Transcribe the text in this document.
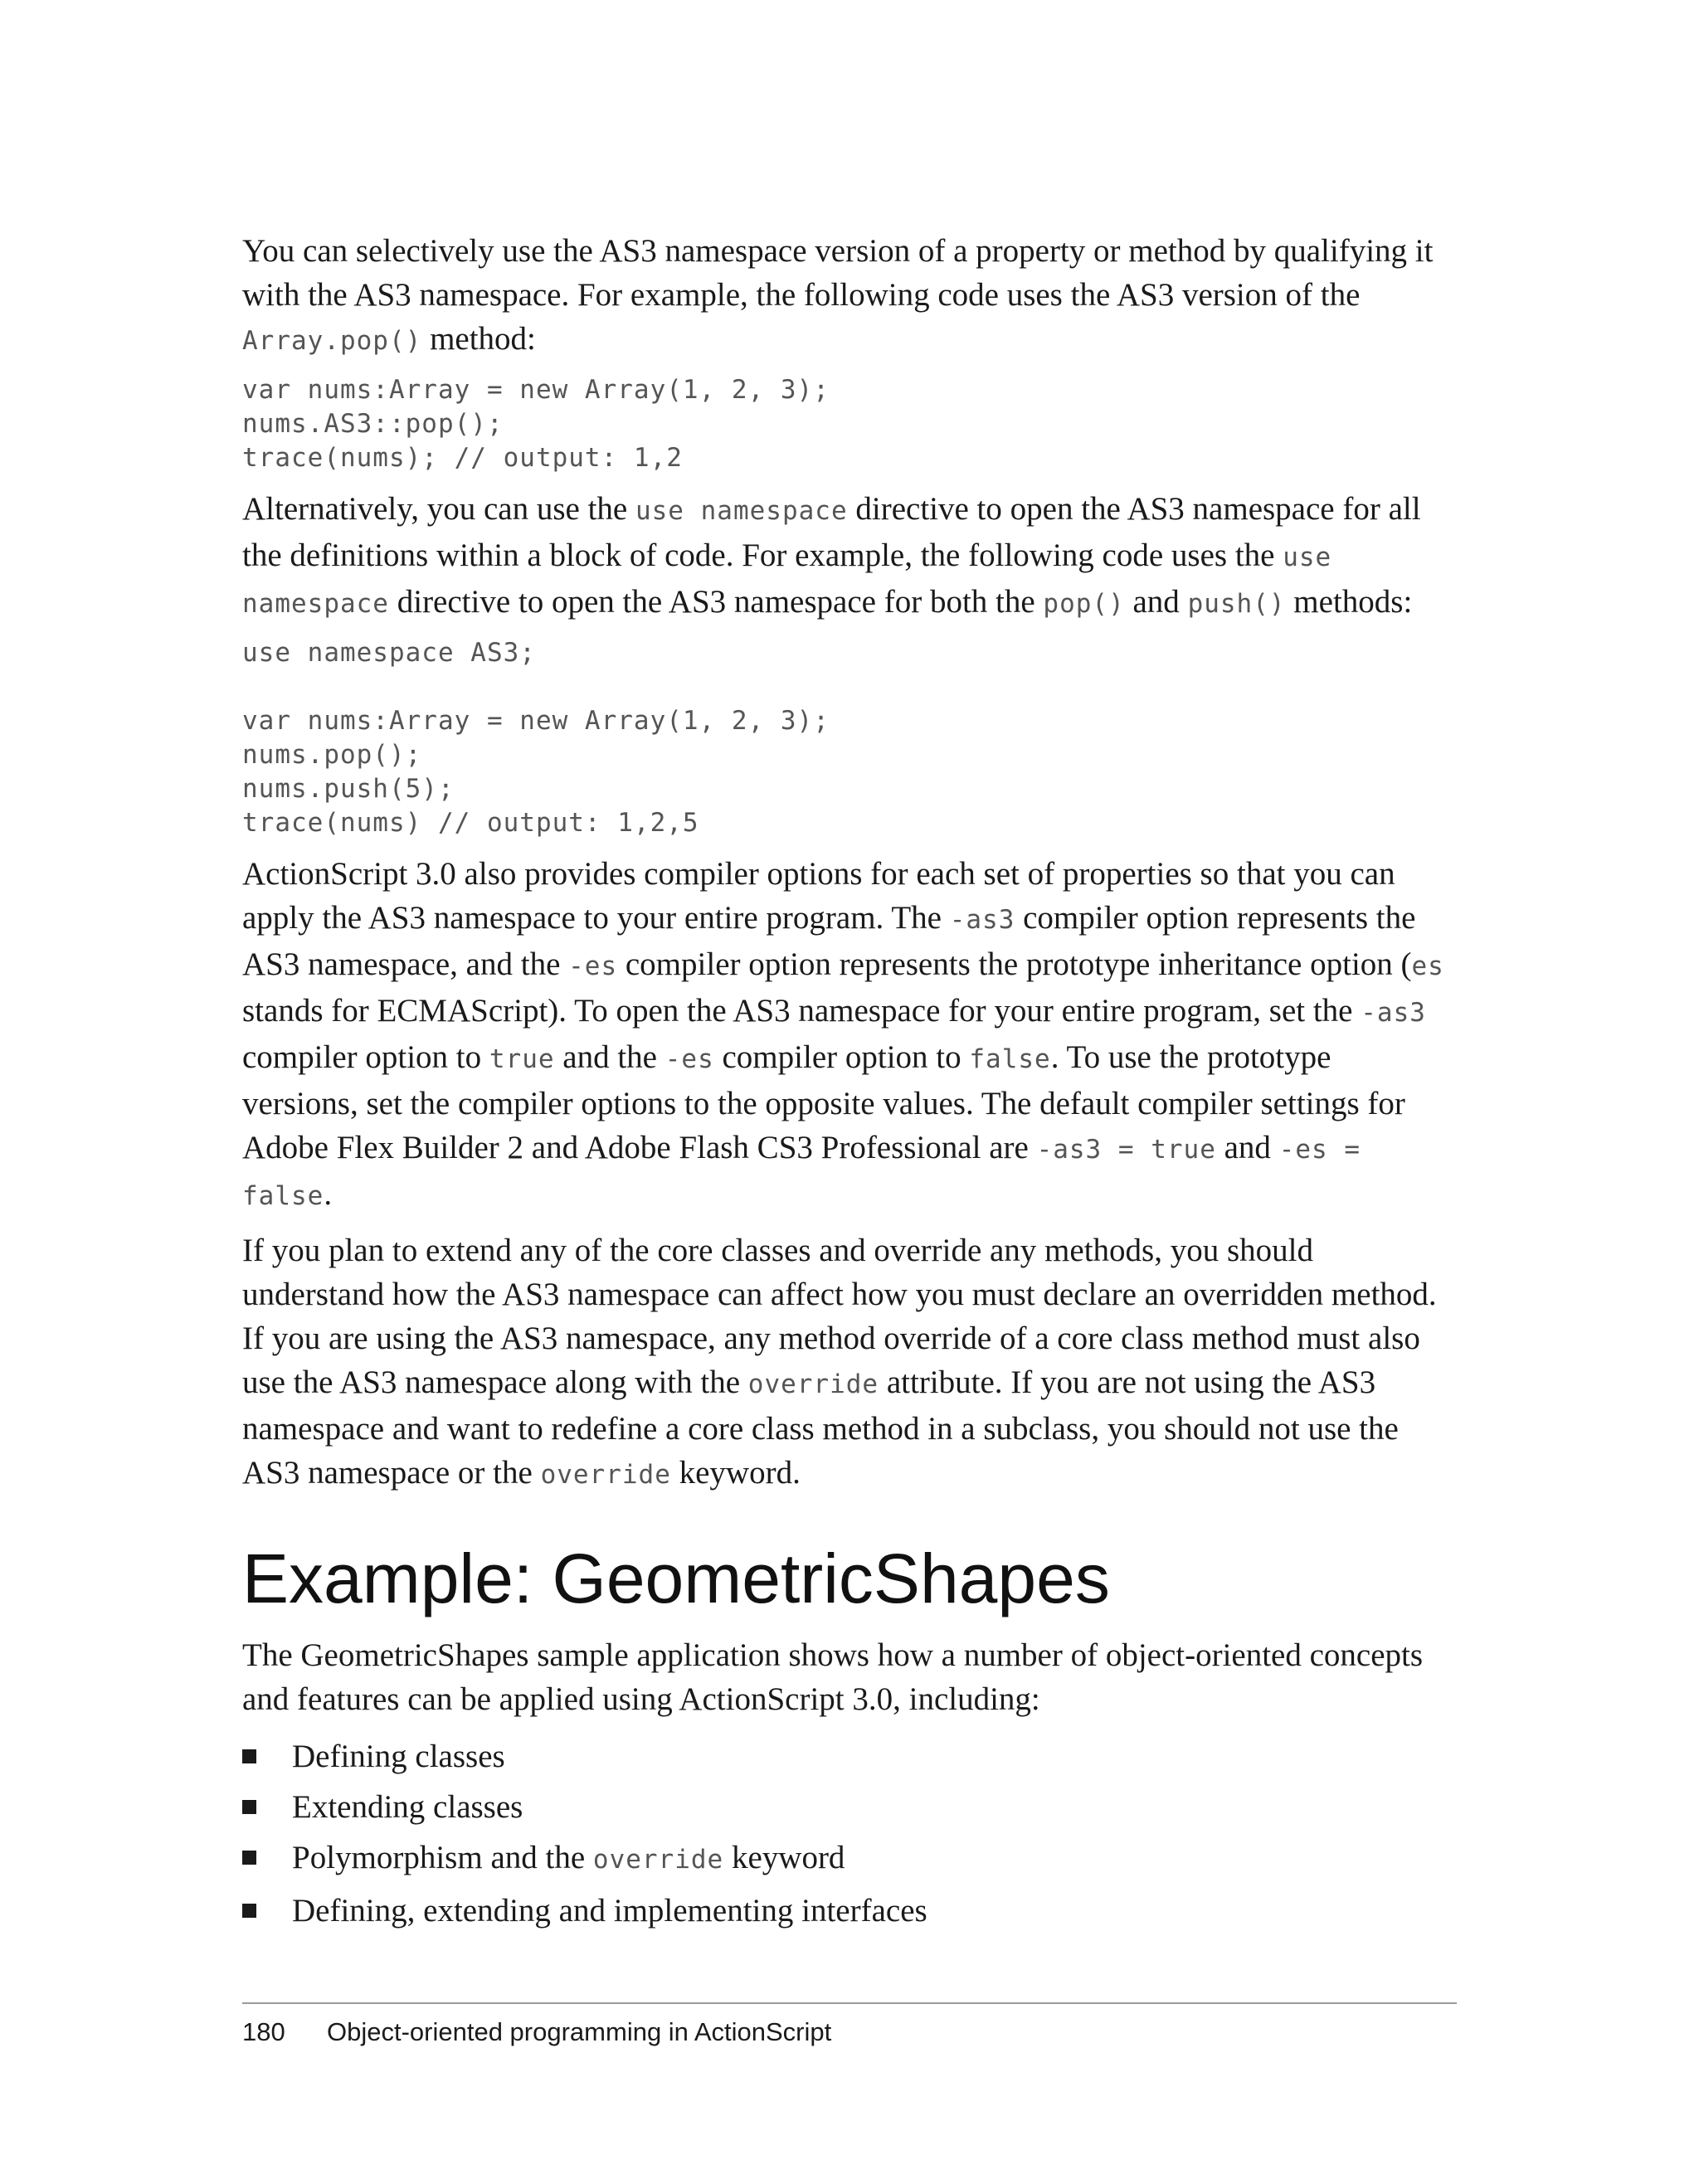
You can selectively use the AS3 namespace version of a property or method by qualifying it with the AS3 namespace. For example, the following code uses the AS3 version of the Array.pop() method:

var nums:Array = new Array(1, 2, 3);
nums.AS3::pop();
trace(nums); // output: 1,2

Alternatively, you can use the use namespace directive to open the AS3 namespace for all the definitions within a block of code. For example, the following code uses the use namespace directive to open the AS3 namespace for both the pop() and push() methods:

use namespace AS3;

var nums:Array = new Array(1, 2, 3);
nums.pop();
nums.push(5);
trace(nums) // output: 1,2,5

ActionScript 3.0 also provides compiler options for each set of properties so that you can apply the AS3 namespace to your entire program. The -as3 compiler option represents the AS3 namespace, and the -es compiler option represents the prototype inheritance option (es stands for ECMAScript). To open the AS3 namespace for your entire program, set the -as3 compiler option to true and the -es compiler option to false. To use the prototype versions, set the compiler options to the opposite values. The default compiler settings for Adobe Flex Builder 2 and Adobe Flash CS3 Professional are -as3 = true and -es = false.

If you plan to extend any of the core classes and override any methods, you should understand how the AS3 namespace can affect how you must declare an overridden method. If you are using the AS3 namespace, any method override of a core class method must also use the AS3 namespace along with the override attribute. If you are not using the AS3 namespace and want to redefine a core class method in a subclass, you should not use the AS3 namespace or the override keyword.

Example: GeometricShapes

The GeometricShapes sample application shows how a number of object-oriented concepts and features can be applied using ActionScript 3.0, including:

Defining classes
Extending classes
Polymorphism and the override keyword
Defining, extending and implementing interfaces
180 Object-oriented programming in ActionScript
